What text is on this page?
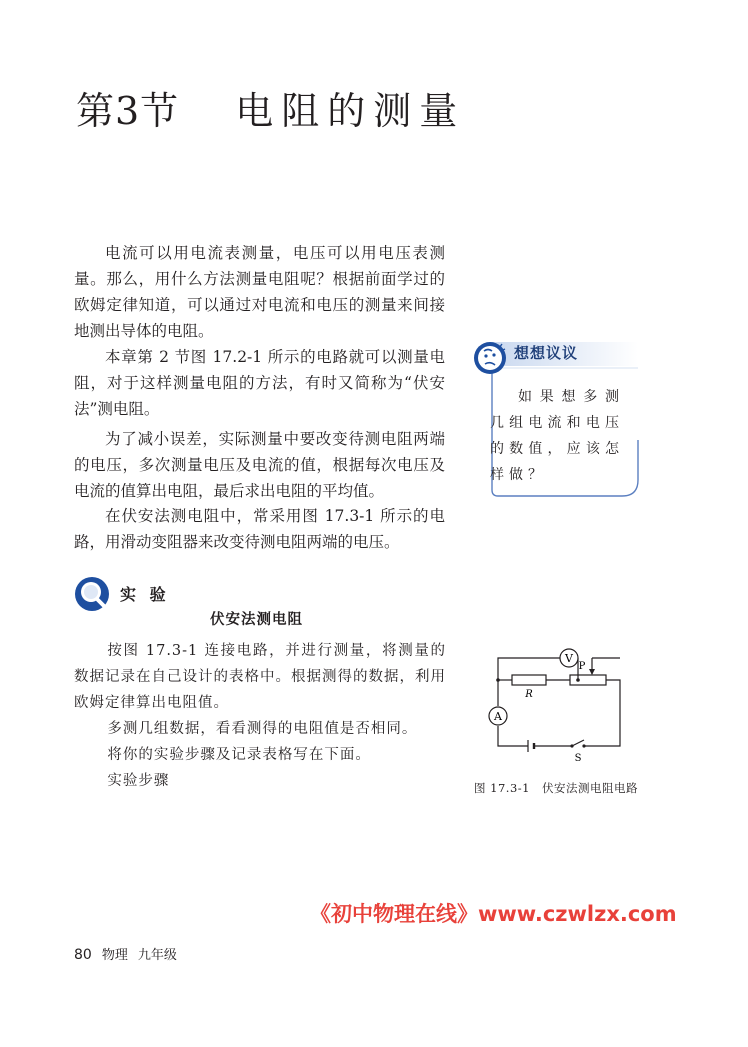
第3节 电阻的测量

电流可以用电流表测量，电压可以用电压表测量。那么，用什么方法测量电阻呢？根据前面学过的欧姆定律知道，可以通过对电流和电压的测量来间接地测出导体的电阻。

本章第 2 节图 17.2-1 所示的电路就可以测量电阻，对于这样测量电阻的方法，有时又简称为“伏安法”测电阻。

为了减小误差，实际测量中要改变待测电阻两端的电压，多次测量电压及电流的值，根据每次电压及电流的值算出电阻，最后求出电阻的平均值。

在伏安法测电阻中，常采用图 17.3-1 所示的电路，用滑动变阻器来改变待测电阻两端的电压。

想想议议

如果想多测几组电流和电压的数值，应该怎样做？

实 验
伏安法测电阻

按图 17.3-1 连接电路，并进行测量，将测量的数据记录在自己设计的表格中。根据测得的数据，利用欧姆定律算出电阻值。

多测几组数据，看看测得的电阻值是否相同。

将你的实验步骤及记录表格写在下面。

实验步骤

V
A
R
P
S
图 17.3-1 伏安法测电阻电路
《初中物理在线》www.czwlzx.com
80 物理 九年级
